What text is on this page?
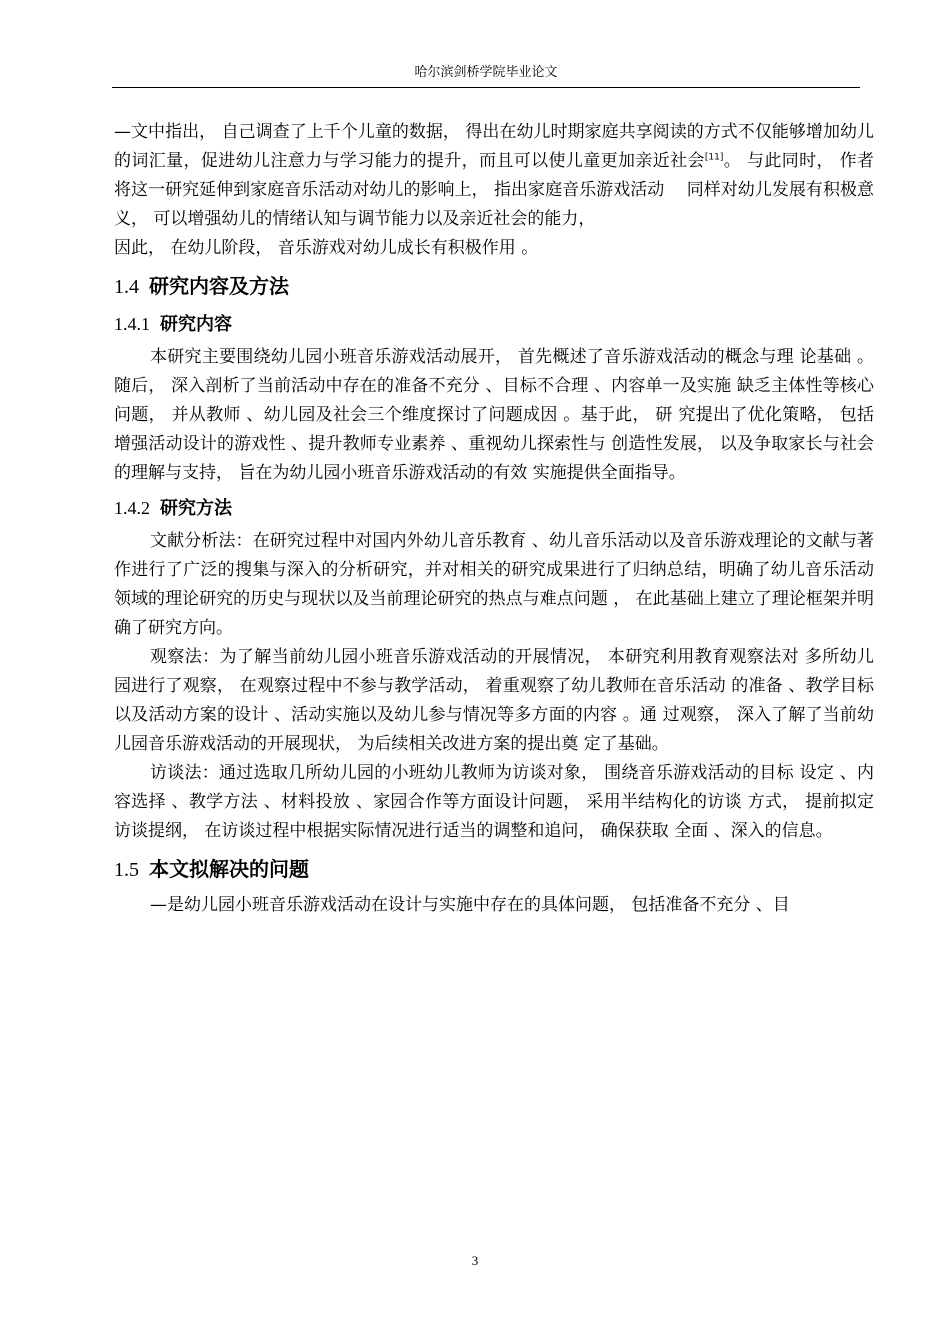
哈尔滨剑桥学院毕业论文

—文中指出， 自己调查了上千个儿童的数据， 得出在幼儿时期家庭共享阅读的方式不仅能够增加幼儿的词汇量，促进幼儿注意力与学习能力的提升，而且可以使儿童更加亲近社会[11]。 与此同时， 作者将这一研究延伸到家庭音乐活动对幼儿的影响上， 指出家庭音乐游戏活动　 同样对幼儿发展有积极意义， 可以增强幼儿的情绪认知与调节能力以及亲近社会的能力，

因此， 在幼儿阶段， 音乐游戏对幼儿成长有积极作用 。

1.4 研究内容及方法
1.4.1 研究内容

本研究主要围绕幼儿园小班音乐游戏活动展开， 首先概述了音乐游戏活动的概念与理 论基础 。随后， 深入剖析了当前活动中存在的准备不充分 、目标不合理 、内容单一及实施 缺乏主体性等核心问题， 并从教师 、幼儿园及社会三个维度探讨了问题成因 。基于此， 研 究提出了优化策略， 包括增强活动设计的游戏性 、提升教师专业素养 、重视幼儿探索性与 创造性发展， 以及争取家长与社会的理解与支持， 旨在为幼儿园小班音乐游戏活动的有效 实施提供全面指导。

1.4.2 研究方法

文献分析法：在研究过程中对国内外幼儿音乐教育 、幼儿音乐活动以及音乐游戏理论的文献与著作进行了广泛的搜集与深入的分析研究，并对相关的研究成果进行了归纳总结，明确了幼儿音乐活动领域的理论研究的历史与现状以及当前理论研究的热点与难点问题 ， 在此基础上建立了理论框架并明确了研究方向。

观察法：为了解当前幼儿园小班音乐游戏活动的开展情况， 本研究利用教育观察法对 多所幼儿园进行了观察， 在观察过程中不参与教学活动， 着重观察了幼儿教师在音乐活动 的准备 、教学目标以及活动方案的设计 、活动实施以及幼儿参与情况等多方面的内容 。通 过观察， 深入了解了当前幼儿园音乐游戏活动的开展现状， 为后续相关改进方案的提出奠 定了基础。

访谈法：通过选取几所幼儿园的小班幼儿教师为访谈对象， 围绕音乐游戏活动的目标 设定 、内容选择 、教学方法 、材料投放 、家园合作等方面设计问题， 采用半结构化的访谈 方式， 提前拟定访谈提纲， 在访谈过程中根据实际情况进行适当的调整和追问， 确保获取 全面 、深入的信息。

1.5 本文拟解决的问题

—是幼儿园小班音乐游戏活动在设计与实施中存在的具体问题， 包括准备不充分 、目

3
